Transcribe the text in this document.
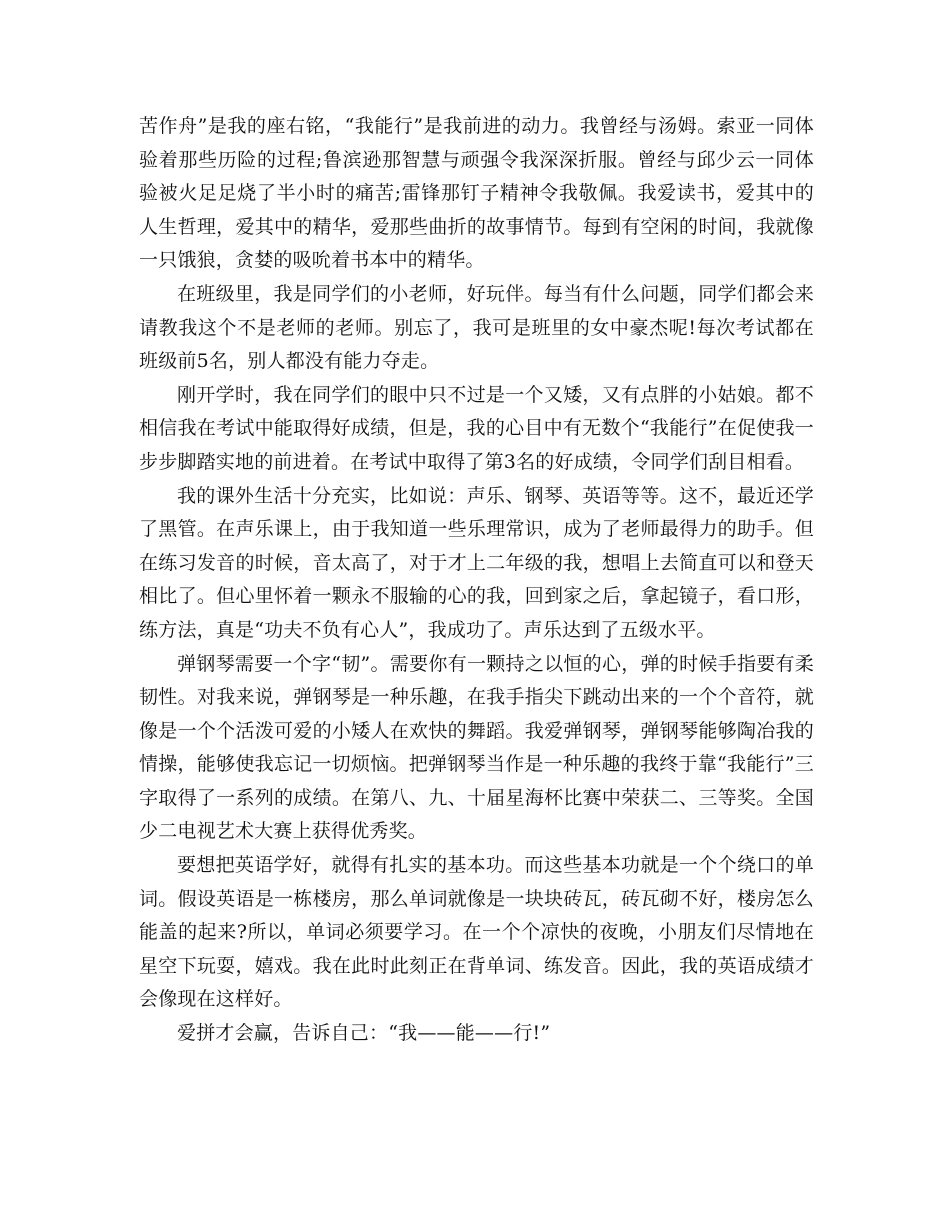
苦作舟”是我的座右铭，“我能行”是我前进的动力。我曾经与汤姆。索亚一同体验着那些历险的过程;鲁滨逊那智慧与顽强令我深深折服。曾经与邱少云一同体验被火足足烧了半小时的痛苦;雷锋那钉子精神令我敬佩。我爱读书，爱其中的人生哲理，爱其中的精华，爱那些曲折的故事情节。每到有空闲的时间，我就像一只饿狼，贪婪的吸吮着书本中的精华。

在班级里，我是同学们的小老师，好玩伴。每当有什么问题，同学们都会来请教我这个不是老师的老师。别忘了，我可是班里的女中豪杰呢!每次考试都在班级前5名，别人都没有能力夺走。

刚开学时，我在同学们的眼中只不过是一个又矮，又有点胖的小姑娘。都不相信我在考试中能取得好成绩，但是，我的心目中有无数个“我能行”在促使我一步步脚踏实地的前进着。在考试中取得了第3名的好成绩，令同学们刮目相看。

我的课外生活十分充实，比如说：声乐、钢琴、英语等等。这不，最近还学了黑管。在声乐课上，由于我知道一些乐理常识，成为了老师最得力的助手。但在练习发音的时候，音太高了，对于才上二年级的我，想唱上去简直可以和登天相比了。但心里怀着一颗永不服输的心的我，回到家之后，拿起镜子，看口形，练方法，真是“功夫不负有心人”，我成功了。声乐达到了五级水平。

弹钢琴需要一个字“韧”。需要你有一颗持之以恒的心，弹的时候手指要有柔韧性。对我来说，弹钢琴是一种乐趣，在我手指尖下跳动出来的一个个音符，就像是一个个活泼可爱的小矮人在欢快的舞蹈。我爱弹钢琴，弹钢琴能够陶冶我的情操，能够使我忘记一切烦恼。把弹钢琴当作是一种乐趣的我终于靠“我能行”三字取得了一系列的成绩。在第八、九、十届星海杯比赛中荣获二、三等奖。全国少二电视艺术大赛上获得优秀奖。

要想把英语学好，就得有扎实的基本功。而这些基本功就是一个个绕口的单词。假设英语是一栋楼房，那么单词就像是一块块砖瓦，砖瓦砌不好，楼房怎么能盖的起来?所以，单词必须要学习。在一个个凉快的夜晚，小朋友们尽情地在星空下玩耍，嬉戏。我在此时此刻正在背单词、练发音。因此，我的英语成绩才会像现在这样好。

爱拼才会赢，告诉自己：“我——能——行!”
